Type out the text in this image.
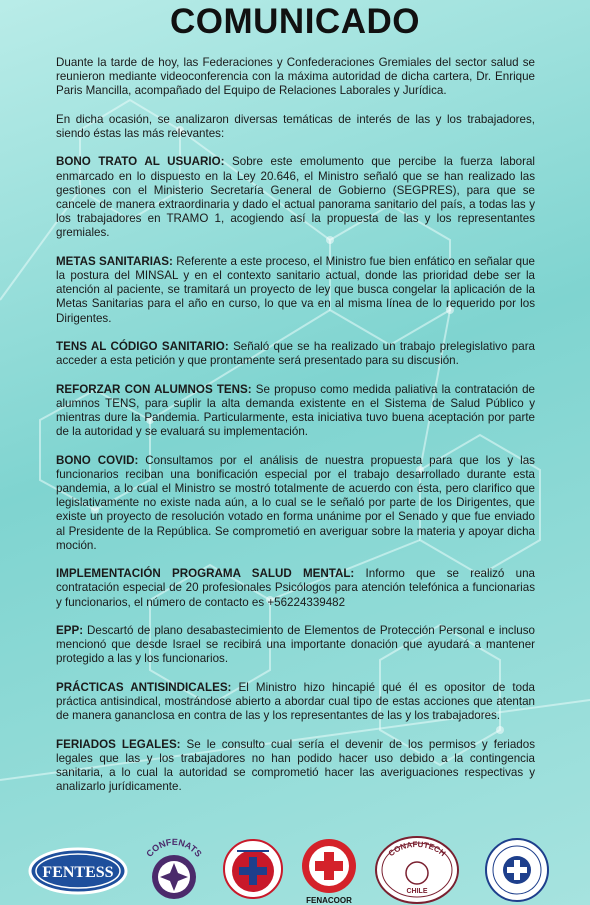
COMUNICADO

Duante la tarde de hoy, las Federaciones y Confederaciones Gremiales del sector salud se reunieron mediante videoconferencia con la máxima autoridad de dicha cartera, Dr. Enrique Paris Mancilla, acompañado del Equipo de Relaciones Laborales y Jurídica.

En dicha ocasión, se analizaron diversas temáticas de interés de las y los trabajadores, siendo éstas las más relevantes:

BONO TRATO AL USUARIO: Sobre este emolumento que percibe la fuerza laboral enmarcado en lo dispuesto en la Ley 20.646, el Ministro señaló que se han realizado las gestiones con el Ministerio Secretaría General de Gobierno (SEGPRES), para que se cancele de manera extraordinaria y dado el actual panorama sanitario del país, a todas las y los trabajadores en TRAMO 1, acogiendo así la propuesta de las y los representantes gremiales.

METAS SANITARIAS: Referente a este proceso, el Ministro fue bien enfático en señalar que la postura del MINSAL y en el contexto sanitario actual, donde las prioridad debe ser la atención al paciente, se tramitará un proyecto de ley que busca congelar la aplicación de la Metas Sanitarias para el año en curso, lo que va en al misma línea de lo requerido por los Dirigentes.

TENS AL CÓDIGO SANITARIO: Señaló que se ha realizado un trabajo prelegislativo para acceder a esta petición y que prontamente será presentado para su discusión.

REFORZAR CON ALUMNOS TENS: Se propuso como medida paliativa la contratación de alumnos TENS, para suplir la alta demanda existente en el Sistema de Salud Público y mientras dure la Pandemia. Particularmente, esta iniciativa tuvo buena aceptación por parte de la autoridad y se evaluará su implementación.

BONO COVID: Consultamos por el análisis de nuestra propuesta para que los y las funcionarios reciban una bonificación especial por el trabajo desarrollado durante esta pandemia, a lo cual el Ministro se mostró totalmente de acuerdo con ésta, pero clarifico que legislativamente no existe nada aún, a lo cual se le señaló por parte de los Dirigentes, que existe un proyecto de resolución votado en forma unánime por el Senado y que fue enviado al Presidente de la República. Se comprometió en averiguar sobre la materia y apoyar dicha moción.

IMPLEMENTACIÓN PROGRAMA SALUD MENTAL: Informo que se realizó una contratación especial de 20 profesionales Psicólogos para atención telefónica a funcionarias y funcionarios, el número de contacto es +56224339482

EPP: Descartó de plano desabastecimiento de Elementos de Protección Personal e incluso mencionó que desde Israel se recibirá una importante donación que ayudará a mantener protegido a las y los funcionarios.

PRÁCTICAS ANTISINDICALES: El Ministro hizo hincapié qué él es opositor de toda práctica antisindical, mostrándose abierto a abordar cual tipo de estas acciones que atentan de manera ganancIosa en contra de las y los representantes de las y los trabajadores.

FERIADOS LEGALES: Se le consulto cual sería el devenir de los permisos y feriados legales que las y los trabajadores no han podido hacer uso debido a la contingencia sanitaria, a lo cual la autoridad se comprometió hacer las averiguaciones respectivas y analizarlo jurídicamente.

FENTESS
CONFENATS
FENACOOR
CONAFUTECH
CHILE
